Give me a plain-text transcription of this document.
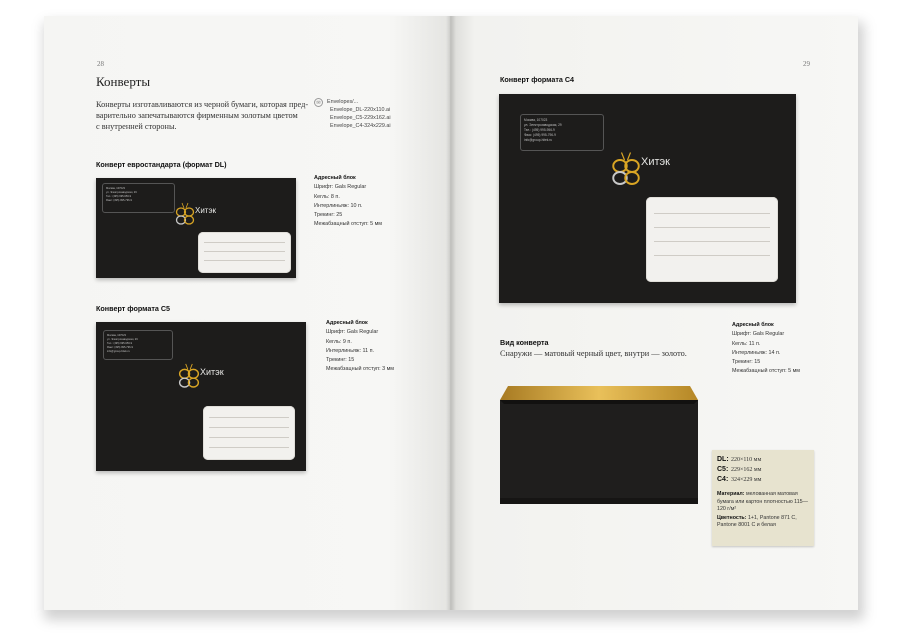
28
Конверты
Конверты изготавливаются из черной бумаги, которая пред-
варительно запечатываются фирменным золотым цветом
с внутренней стороны.
✉	Envelopes/...
Envelope_DL-220x110.ai
Envelope_C5-229x162.ai
Envelope_C4-324x229.ai
Конверт евростандарта (формат DL)
Москва, 107023
ул. Электрозаводская, 29
Тел.: (495) 995-956-9
Факс: (495) 995-796-9
Хитэк
Адресный блок
Шрифт: Gals Regular
Кегль: 8 п.
Интерлиньяж: 10 п.
Трекинг: 25
Межабзацный отступ: 5 мм
Конверт формата С5
Москва, 107023
ул. Электрозаводская, 29
Тел.: (495) 995-956-9
Факс: (495) 995-796-9
info@group-hitek.ru
Хитэк
Адресный блок
Шрифт: Gals Regular
Кегль: 9 п.
Интерлиньяж: 11 п.
Трекинг: 15
Межабзацный отступ: 3 мм
29
Конверт формата С4
Москва, 107023
ул. Электрозаводская, 29
Тел.: (495) 995-956-9
Факс: (495) 995-796-9
info@group-hitek.ru
Хитэк
Адресный блок
Шрифт: Gals Regular
Кегль: 11 п.
Интерлиньяж: 14 п.
Трекинг: 15
Межабзацный отступ: 5 мм
Вид конверта
Снаружи — матовый черный цвет, внутри — золото.
DL: 220×110 мм
C5: 229×162 мм
C4: 324×229 мм
Материал: мелованная матовая бумага или картон плотностью 115—120 г/м²
Цветность: 1+1, Pantone 871 C, Pantone 8001 C и белая
